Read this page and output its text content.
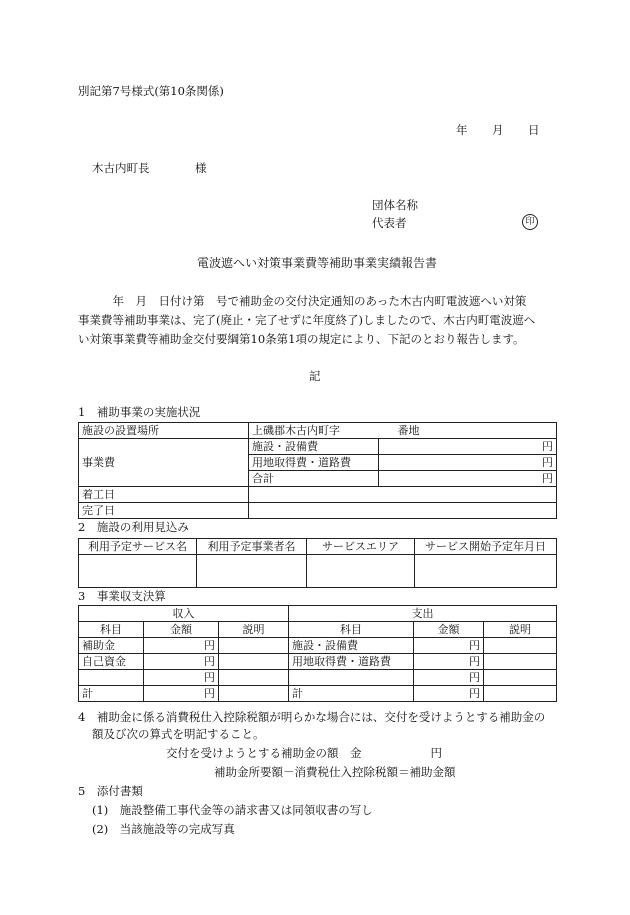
別記第7号様式(第10条関係)
年 月 日
木古内町長	様
団体名称
代表者	印
電波遮へい対策事業費等補助事業実績報告書
　　　年　月　日付け第　号で補助金の交付決定通知のあった木古内町電波遮へい対策
事業費等補助事業は、完了(廃止・完了せずに年度終了)しましたので、木古内町電波遮へ
い対策事業費等補助金交付要綱第10条第1項の規定により、下記のとおり報告します。
記
1　補助事業の実施状況
施設の設置場所	上磯郡木古内町字 番地	
事業費	施設・設備費	円
	用地取得費・道路費	円
	合計	円
着工日		
完了日		
2　施設の利用見込み
利用予定サービス名	利用予定事業者名	サービスエリア	サービス開始予定年月日

3　事業収支決算
収入			支出		
科目	金額	説明	科目	金額	説明
補助金	円		施設・設備費	円	
自己資金	円		用地取得費・道路費	円	
	円			円	
計	円		計	円	
4　補助金に係る消費税仕入控除税額が明らかな場合には、交付を受けようとする補助金の
額及び次の算式を明記すること。
交付を受けようとする補助金の額　金　　　　　　円
補助金所要額－消費税仕入控除税額＝補助金額
5　添付書類
(1)　施設整備工事代金等の請求書又は同領収書の写し
(2)　当該施設等の完成写真
